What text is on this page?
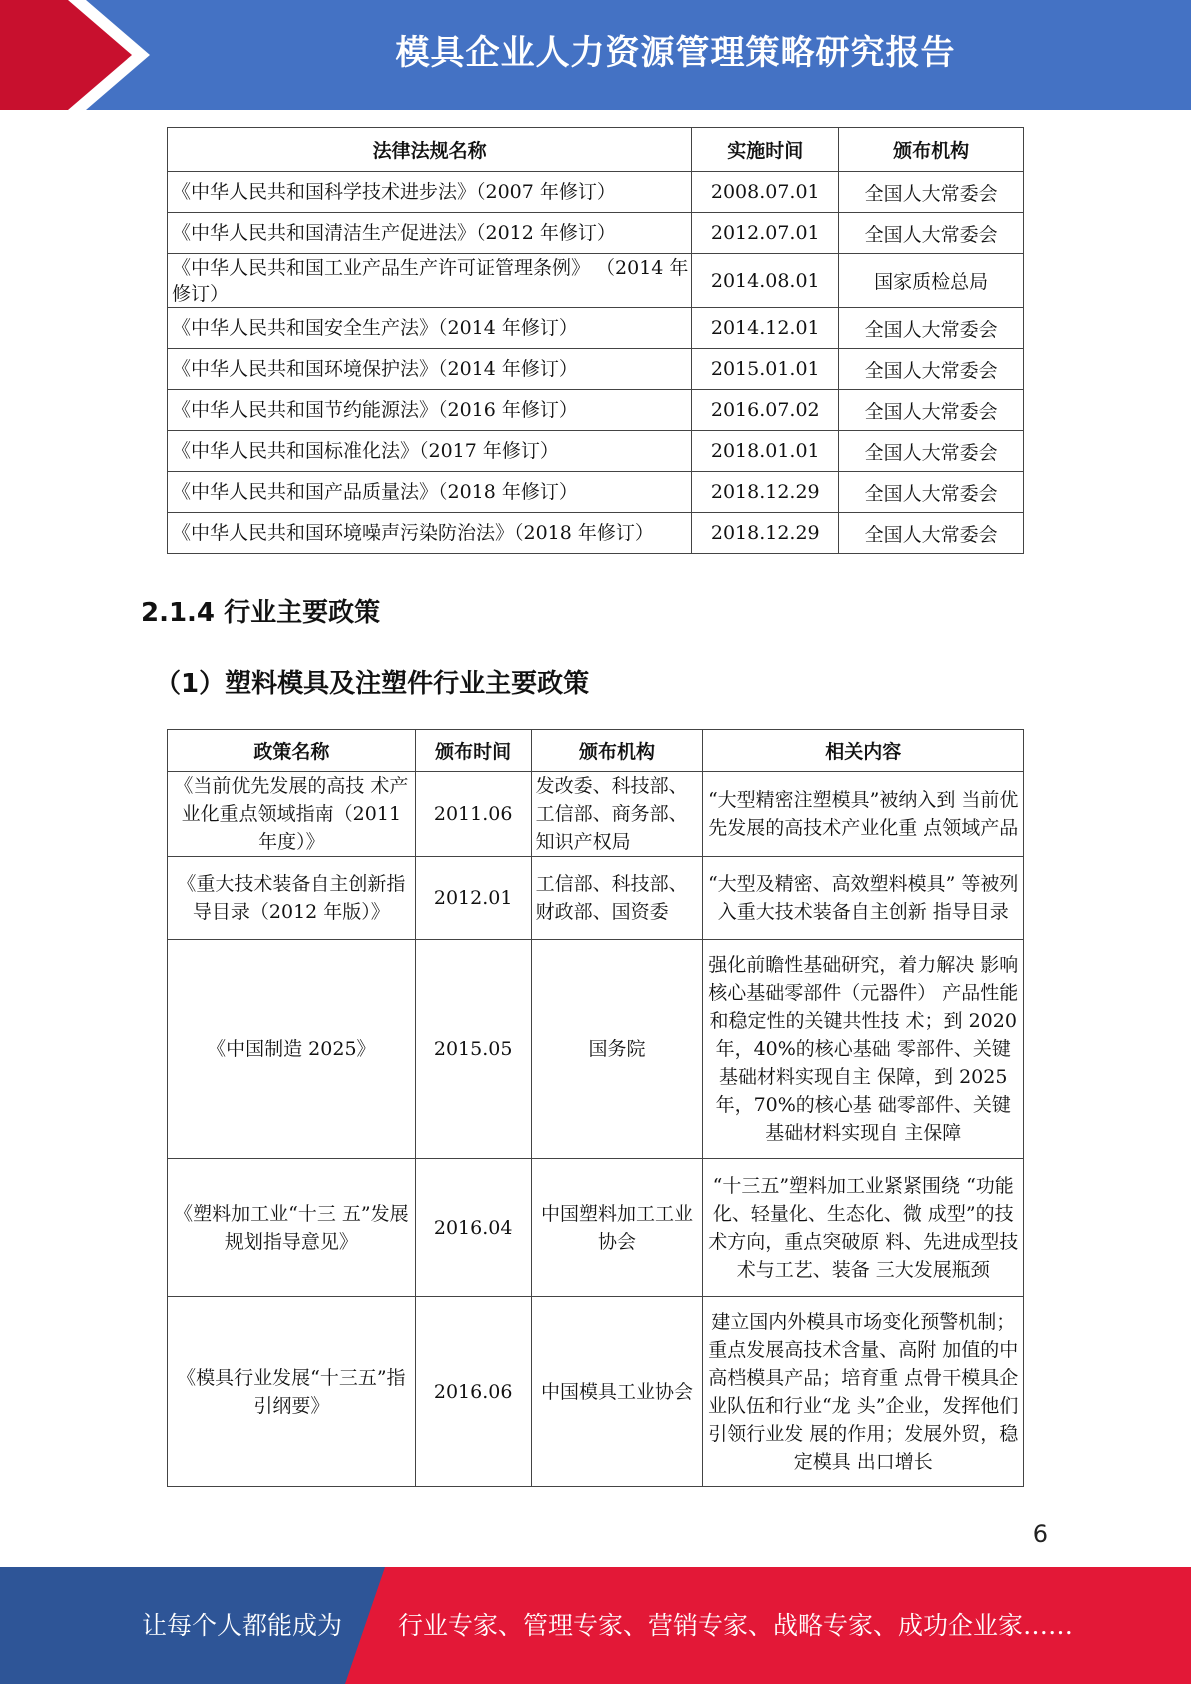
模具企业人力资源管理策略研究报告
法律法规名称	实施时间	颁布机构
《中华人民共和国科学技术进步法》（2007 年修订）	2008.07.01	全国人大常委会
《中华人民共和国清洁生产促进法》（2012 年修订）	2012.07.01	全国人大常委会
《中华人民共和国工业产品生产许可证管理条例》 （2014 年修订）	2014.08.01	国家质检总局
《中华人民共和国安全生产法》（2014 年修订）	2014.12.01	全国人大常委会
《中华人民共和国环境保护法》（2014 年修订）	2015.01.01	全国人大常委会
《中华人民共和国节约能源法》（2016 年修订）	2016.07.02	全国人大常委会
《中华人民共和国标准化法》（2017 年修订）	2018.01.01	全国人大常委会
《中华人民共和国产品质量法》（2018 年修订）	2018.12.29	全国人大常委会
《中华人民共和国环境噪声污染防治法》（2018 年修订）	2018.12.29	全国人大常委会
2.1.4 行业主要政策
（1）塑料模具及注塑件行业主要政策
政策名称	颁布时间	颁布机构	相关内容
《当前优先发展的高技 术产业化重点领域指南（2011 年度）》	2011.06	发改委、科技部、工信部、商务部、知识产权局	“大型精密注塑模具”被纳入到 当前优先发展的高技术产业化重 点领域产品
《重大技术装备自主创新指导目录（2012 年版）》	2012.01	工信部、科技部、财政部、国资委	“大型及精密、高效塑料模具” 等被列入重大技术装备自主创新 指导目录
《中国制造 2025》	2015.05	国务院	强化前瞻性基础研究，着力解决 影响核心基础零部件（元器件） 产品性能和稳定性的关键共性技 术；到 2020 年，40%的核心基础 零部件、关键基础材料实现自主 保障，到 2025 年，70%的核心基 础零部件、关键基础材料实现自 主保障
《塑料加工业“十三 五”发展规划指导意见》	2016.04	中国塑料加工工业协会	“十三五”塑料加工业紧紧围绕 “功能化、轻量化、生态化、微 成型”的技术方向，重点突破原 料、先进成型技术与工艺、装备 三大发展瓶颈
《模具行业发展“十三五”指引纲要》	2016.06	中国模具工业协会	建立国内外模具市场变化预警机制；重点发展高技术含量、高附 加值的中高档模具产品；培育重 点骨干模具企业队伍和行业“龙 头”企业，发挥他们引领行业发 展的作用；发展外贸，稳定模具 出口增长
6
让每个人都能成为 行业专家、管理专家、营销专家、战略专家、成功企业家……
